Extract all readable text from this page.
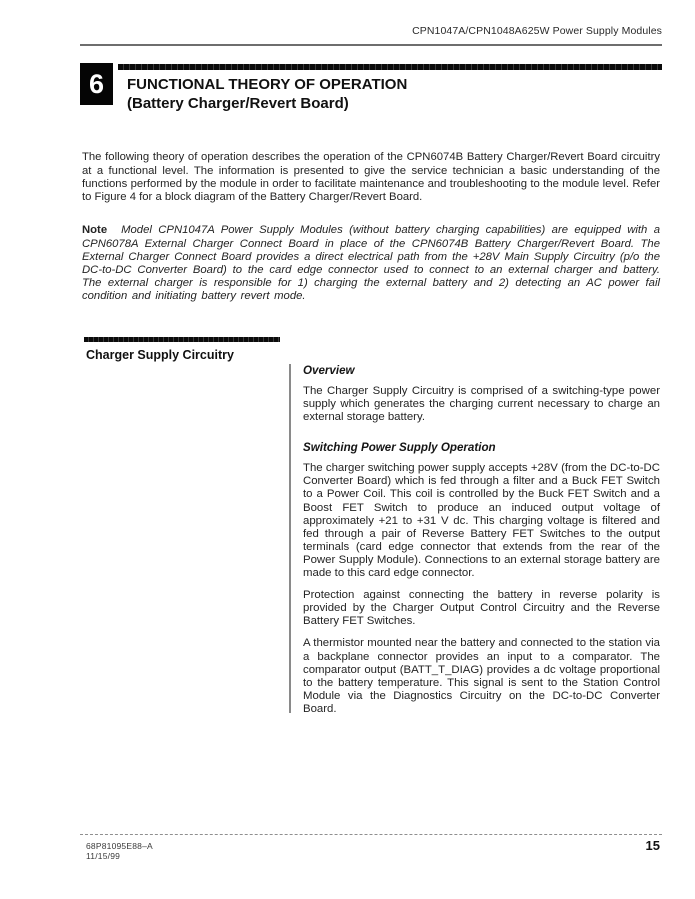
CPN1047A/CPN1048A625W Power Supply Modules
6	FUNCTIONAL THEORY OF OPERATION
(Battery Charger/Revert Board)

The following theory of operation describes the operation of the CPN6074B Battery Charger/Revert Board circuitry at a functional level. The information is presented to give the service technician a basic understanding of the functions performed by the module in order to facilitate maintenance and troubleshooting to the module level. Refer to Figure 4 for a block diagram of the Battery Charger/Revert Board.

Note Model CPN1047A Power Supply Modules (without battery charging capabilities) are equipped with a CPN6078A External Charger Connect Board in place of the CPN6074B Battery Charger/Revert Board. The External Charger Connect Board provides a direct electrical path from the +28V Main Supply Circuitry (p/o the DC-to-DC Converter Board) to the card edge connector used to connect to an external charger and battery. The external charger is responsible for 1) charging the external battery and 2) detecting an AC power fail condition and initiating battery revert mode.

Charger Supply Circuitry
Overview

The Charger Supply Circuitry is comprised of a switching-type power supply which generates the charging current necessary to charge an external storage battery.

Switching Power Supply Operation

The charger switching power supply accepts +28V (from the DC-to-DC Converter Board) which is fed through a filter and a Buck FET Switch to a Power Coil. This coil is controlled by the Buck FET Switch and a Boost FET Switch to produce an induced output voltage of approximately +21 to +31 V dc. This charging voltage is filtered and fed through a pair of Reverse Battery FET Switches to the output terminals (card edge connector that extends from the rear of the Power Supply Module). Connections to an external storage battery are made to this card edge connector.

Protection against connecting the battery in reverse polarity is provided by the Charger Output Control Circuitry and the Reverse Battery FET Switches.

A thermistor mounted near the battery and connected to the station via a backplane connector provides an input to a comparator. The comparator output (BATT_T_DIAG) provides a dc voltage proportional to the battery temperature. This signal is sent to the Station Control Module via the Diagnostics Circuitry on the DC-to-DC Converter Board.

68P81095E88–A
11/15/99
15
